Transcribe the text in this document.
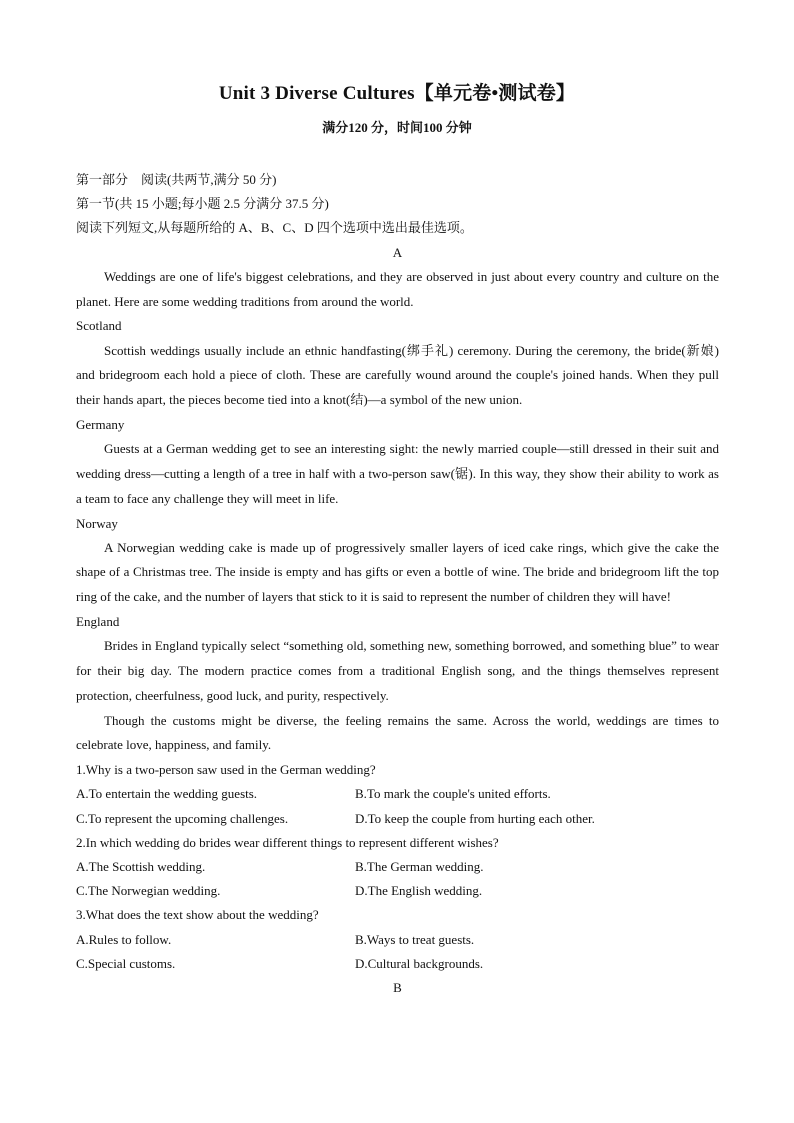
Unit 3 Diverse Cultures【单元卷•测试卷】
满分120 分，时间100 分钟
第一部分　阅读(共两节,满分 50 分)
第一节(共 15 小题;每小题 2.5 分满分 37.5 分)
阅读下列短文,从每题所给的 A、B、C、D 四个选项中选出最佳选项。
A

Weddings are one of life's biggest celebrations, and they are observed in just about every country and culture on the planet. Here are some wedding traditions from around the world.

Scotland

Scottish weddings usually include an ethnic handfasting(绑手礼) ceremony. During the ceremony, the bride(新娘) and bridegroom each hold a piece of cloth. These are carefully wound around the couple's joined hands. When they pull their hands apart, the pieces become tied into a knot(结)—a symbol of the new union.

Germany

Guests at a German wedding get to see an interesting sight: the newly married couple—still dressed in their suit and wedding dress—cutting a length of a tree in half with a two-person saw(锯). In this way, they show their ability to work as a team to face any challenge they will meet in life.

Norway

A Norwegian wedding cake is made up of progressively smaller layers of iced cake rings, which give the cake the shape of a Christmas tree. The inside is empty and has gifts or even a bottle of wine. The bride and bridegroom lift the top ring of the cake, and the number of layers that stick to it is said to represent the number of children they will have!

England

Brides in England typically select “something old, something new, something borrowed, and something blue” to wear for their big day. The modern practice comes from a traditional English song, and the things themselves represent protection, cheerfulness, good luck, and purity, respectively.

Though the customs might be diverse, the feeling remains the same. Across the world, weddings are times to celebrate love, happiness, and family.

1.Why is a two-person saw used in the German wedding?
A.To entertain the wedding guests.	B.To mark the couple's united efforts.
C.To represent the upcoming challenges.	D.To keep the couple from hurting each other.
2.In which wedding do brides wear different things to represent different wishes?
A.The Scottish wedding.	B.The German wedding.
C.The Norwegian wedding.	D.The English wedding.
3.What does the text show about the wedding?
A.Rules to follow.	B.Ways to treat guests.
C.Special customs.	D.Cultural backgrounds.
B
